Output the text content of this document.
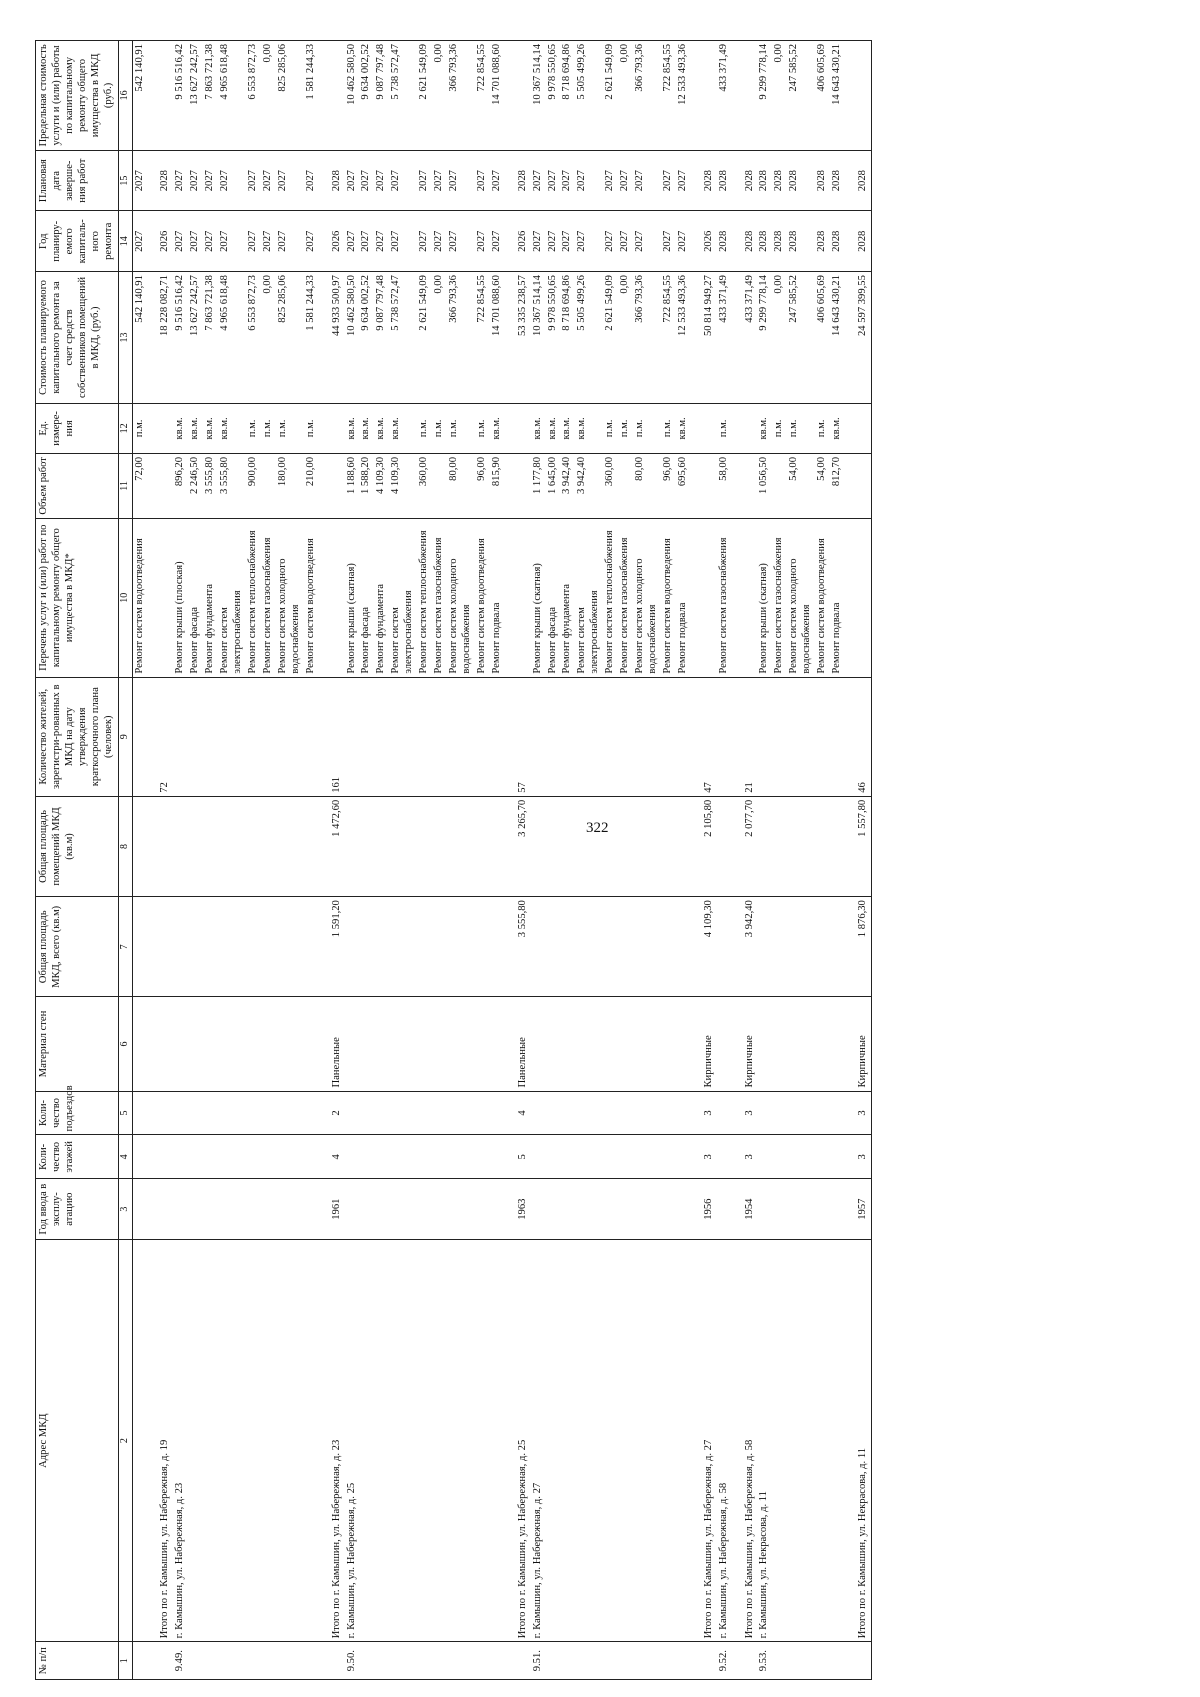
322
№ п/п	Адрес МКД	Год ввода в эксплу-атацию	Коли-чество этажей	Коли-чество подъездов	Материал стен	Общая площадь МКД, всего (кв.м)	Общая площадь помещений МКД (кв.м)	Количество жителей, зарегистри-рованных в МКД на дату утверждения краткосрочного плана (человек)	Перечень услуг и (или) работ по капитальному ремонту общего имущества в МКД*	Объем работ	Ед. измере-ния	Стоимость планируемого капитального ремонта за счет средств собственников помещений в МКД, (руб.)	Год планиру-емого капиталь-ного ремонта	Плановая дата заверше-ния работ	Предельная стоимость услуги и (или) работы по капитальному ремонту общего имущества в МКД (руб.)
1	2	3	4	5	6	7	8	9	10	11	12	13	14	15	16
									Ремонт систем водоотведения	72,00	п.м.	542 140,91	2027	2027	542 140,91
	Итого по г. Камышин, ул. Набережная, д. 19							72				18 228 082,71	2026	2028	
9.49.	г. Камышин, ул. Набережная, д. 23								Ремонт крыши (плоская)	896,20	кв.м.	9 516 516,42	2027	2027	9 516 516,42
									Ремонт фасада	2 246,50	кв.м.	13 627 242,57	2027	2027	13 627 242,57
									Ремонт фундамента	3 555,80	кв.м.	7 863 721,38	2027	2027	7 863 721,38
									Ремонт систем электроснабжения	3 555,80	кв.м.	4 965 618,48	2027	2027	4 965 618,48
									Ремонт систем теплоснабжения	900,00	п.м.	6 553 872,73	2027	2027	6 553 872,73
									Ремонт систем газоснабжения		п.м.	0,00	2027	2027	0,00
									Ремонт систем холодного водоснабжения	180,00	п.м.	825 285,06	2027	2027	825 285,06
									Ремонт систем водоотведения	210,00	п.м.	1 581 244,33	2027	2027	1 581 244,33
	Итого по г. Камышин, ул. Набережная, д. 23	1961	4	2	Панельные	1 591,20	1 472,60	161				44 933 500,97	2026	2028	
9.50.	г. Камышин, ул. Набережная, д. 25								Ремонт крыши (скатная)	1 188,60	кв.м.	10 462 580,50	2027	2027	10 462 580,50
									Ремонт фасада	1 588,20	кв.м.	9 634 002,52	2027	2027	9 634 002,52
									Ремонт фундамента	4 109,30	кв.м.	9 087 797,48	2027	2027	9 087 797,48
									Ремонт систем электроснабжения	4 109,30	кв.м.	5 738 572,47	2027	2027	5 738 572,47
									Ремонт систем теплоснабжения	360,00	п.м.	2 621 549,09	2027	2027	2 621 549,09
									Ремонт систем газоснабжения		п.м.	0,00	2027	2027	0,00
									Ремонт систем холодного водоснабжения	80,00	п.м.	366 793,36	2027	2027	366 793,36
									Ремонт систем водоотведения	96,00	п.м.	722 854,55	2027	2027	722 854,55
									Ремонт подвала	815,90	кв.м.	14 701 088,60	2027	2027	14 701 088,60
	Итого по г. Камышин, ул. Набережная, д. 25	1963	5	4	Панельные	3 555,80	3 265,70	57				53 335 238,57	2026	2028	
9.51.	г. Камышин, ул. Набережная, д. 27								Ремонт крыши (скатная)	1 177,80	кв.м.	10 367 514,14	2027	2027	10 367 514,14
									Ремонт фасада	1 645,00	кв.м.	9 978 550,65	2027	2027	9 978 550,65
									Ремонт фундамента	3 942,40	кв.м.	8 718 694,86	2027	2027	8 718 694,86
									Ремонт систем электроснабжения	3 942,40	кв.м.	5 505 499,26	2027	2027	5 505 499,26
									Ремонт систем теплоснабжения	360,00	п.м.	2 621 549,09	2027	2027	2 621 549,09
									Ремонт систем газоснабжения		п.м.	0,00	2027	2027	0,00
									Ремонт систем холодного водоснабжения	80,00	п.м.	366 793,36	2027	2027	366 793,36
									Ремонт систем водоотведения	96,00	п.м.	722 854,55	2027	2027	722 854,55
									Ремонт подвала	695,60	кв.м.	12 533 493,36	2027	2027	12 533 493,36
	Итого по г. Камышин, ул. Набережная, д. 27	1956	3	3	Кирпичные	4 109,30	2 105,80	47				50 814 949,27	2026	2028	
9.52.	г. Камышин, ул. Набережная, д. 58								Ремонт систем газоснабжения	58,00	п.м.	433 371,49	2028	2028	433 371,49
	Итого по г. Камышин, ул. Набережная, д. 58	1954	3	3	Кирпичные	3 942,40	2 077,70	21				433 371,49	2028	2028	
9.53.	г. Камышин, ул. Некрасова, д. 11								Ремонт крыши (скатная)	1 056,50	кв.м.	9 299 778,14	2028	2028	9 299 778,14
									Ремонт систем газоснабжения		п.м.	0,00	2028	2028	0,00
									Ремонт систем холодного водоснабжения	54,00	п.м.	247 585,52	2028	2028	247 585,52
									Ремонт систем водоотведения	54,00	п.м.	406 605,69	2028	2028	406 605,69
									Ремонт подвала	812,70	кв.м.	14 643 430,21	2028	2028	14 643 430,21
	Итого по г. Камышин, ул. Некрасова, д. 11	1957	3	3	Кирпичные	1 876,30	1 557,80	46				24 597 399,55	2028	2028	
